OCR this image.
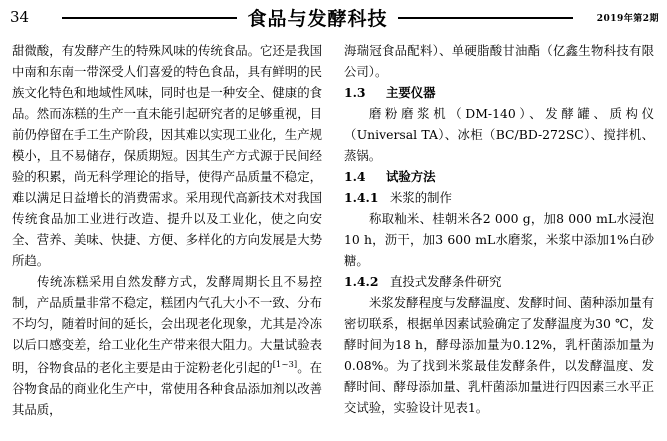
34	食品与发酵科技	2019年第2期

甜微酸，有发酵产生的特殊风味的传统食品。它还是我国中南和东南一带深受人们喜爱的特色食品，具有鲜明的民族文化特色和地域性风味，同时也是一种安全、健康的食品。然而冻糕的生产一直未能引起研究者的足够重视，目前仍停留在手工生产阶段，因其难以实现工业化，生产规模小，且不易储存，保质期短。因其生产方式源于民间经验的积累，尚无科学理论的指导，使得产品质量不稳定，难以满足日益增长的消费需求。采用现代高新技术对我国传统食品加工业进行改造、提升以及工业化，使之向安全、营养、美味、快捷、方便、多样化的方向发展是大势所趋。

传统冻糕采用自然发酵方式，发酵周期长且不易控制，产品质量非常不稳定，糕团内气孔大小不一致、分布不均匀，随着时间的延长，会出现老化现象，尤其是冷冻以后口感变差，给工业化生产带来很大阻力。大量试验表明，谷物食品的老化主要是由于淀粉老化引起的[1~3]。在谷物食品的商业化生产中，常使用各种食品添加剂以改善其品质，

海瑞冠食品配料）、单硬脂酸甘油酯（亿鑫生物科技有限公司）。

1.3	主要仪器

磨粉磨浆机（DM-140）、发酵罐、质构仪（Universal TA）、冰柜（BC/BD-272SC）、搅拌机、蒸锅。

1.4	试验方法
1.4.1 米浆的制作

称取籼米、桂朝米各2 000 g，加8 000 mL水浸泡10 h，沥干，加3 600 mL水磨浆，米浆中添加1%白砂糖。

1.4.2 直投式发酵条件研究

米浆发酵程度与发酵温度、发酵时间、菌种添加量有密切联系，根据单因素试验确定了发酵温度为30 ℃，发酵时间为18 h，酵母添加量为0.12%，乳杆菌添加量为0.08%。为了找到米浆最佳发酵条件，以发酵温度、发酵时间、酵母添加量、乳杆菌添加量进行四因素三水平正交试验，实验设计见表1。
